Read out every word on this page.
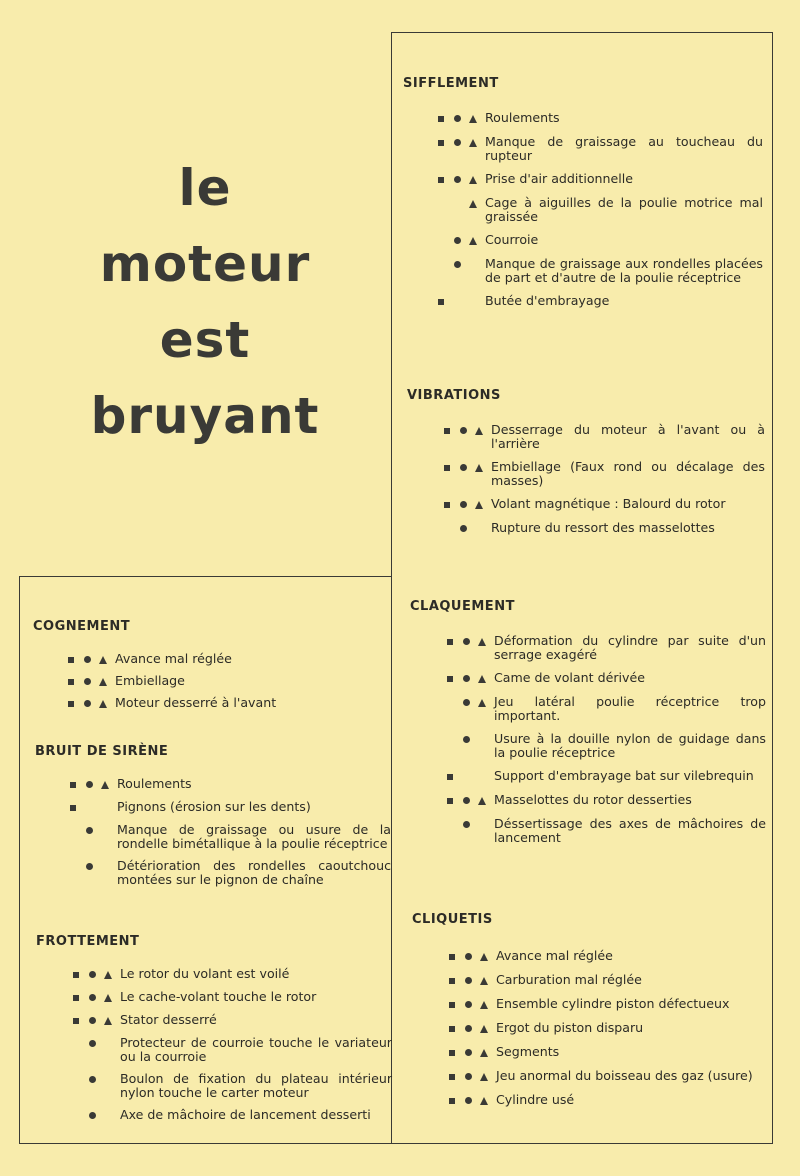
le
moteur
est
bruyant
SIFFLEMENT
Roulements
Manque de graissage au toucheau du rupteur
Prise d'air additionnelle
Cage à aiguilles de la poulie motrice mal graissée
Courroie
Manque de graissage aux rondelles placées de part et d'autre de la poulie réceptrice
Butée d'embrayage
VIBRATIONS
Desserrage du moteur à l'avant ou à l'arrière
Embiellage (Faux rond ou décalage des masses)
Volant magnétique : Balourd du rotor
Rupture du ressort des masselottes
CLAQUEMENT
Déformation du cylindre par suite d'un serrage exagéré
Came de volant dérivée
Jeu latéral poulie réceptrice trop important.
Usure à la douille nylon de guidage dans la poulie réceptrice
Support d'embrayage bat sur vilebrequin
Masselottes du rotor desserties
Déssertissage des axes de mâchoires de lancement
CLIQUETIS
Avance mal réglée
Carburation mal réglée
Ensemble cylindre piston défectueux
Ergot du piston disparu
Segments
Jeu anormal du boisseau des gaz (usure)
Cylindre usé
COGNEMENT
Avance mal réglée
Embiellage
Moteur desserré à l'avant
BRUIT DE SIRÈNE
Roulements
Pignons (érosion sur les dents)
Manque de graissage ou usure de la rondelle bimétallique à la poulie réceptrice
Détérioration des rondelles caoutchouc montées sur le pignon de chaîne
FROTTEMENT
Le rotor du volant est voilé
Le cache-volant touche le rotor
Stator desserré
Protecteur de courroie touche le variateur ou la courroie
Boulon de fixation du plateau intérieur nylon touche le carter moteur
Axe de mâchoire de lancement desserti
